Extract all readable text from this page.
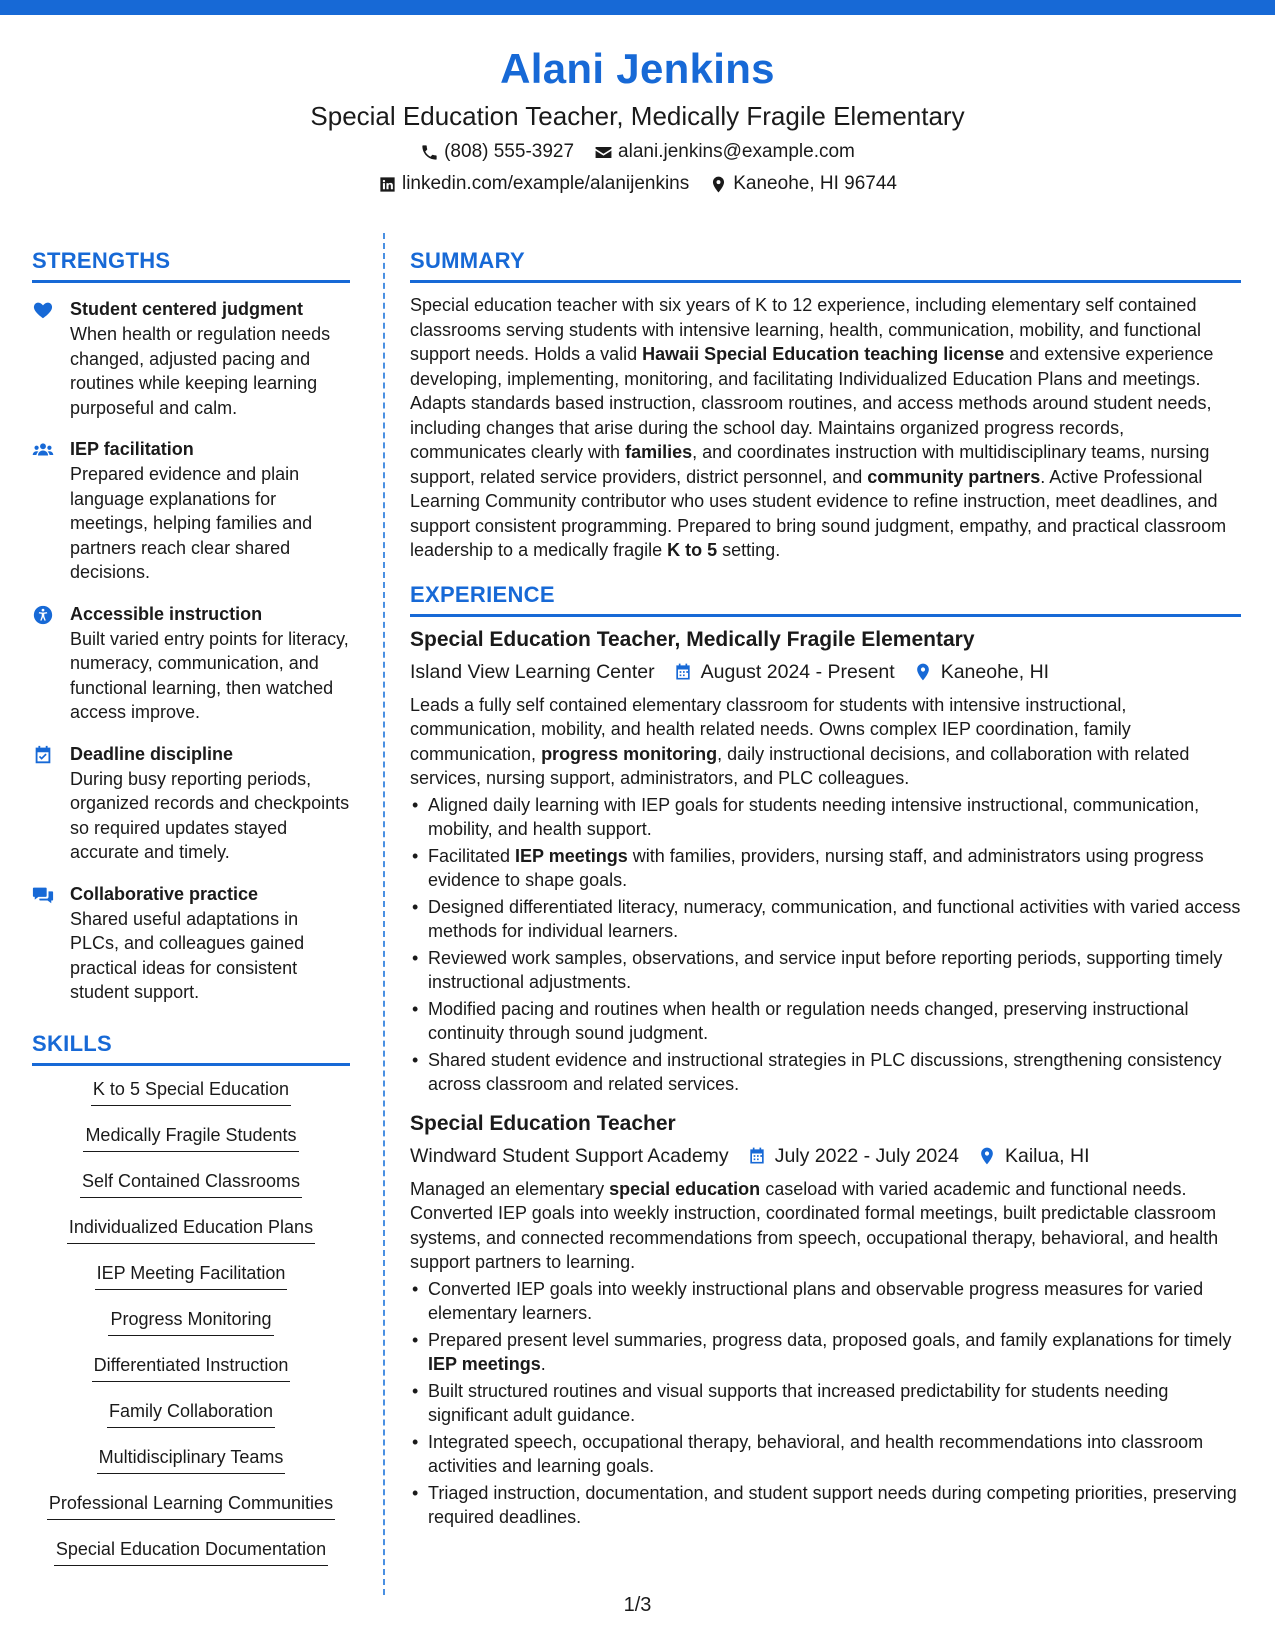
Alani Jenkins
Special Education Teacher, Medically Fragile Elementary
(808) 555-3927 alani.jenkins@example.com
linkedin.com/example/alanijenkins Kaneohe, HI 96744
STRENGTHS
Student centered judgment
When health or regulation needs changed, adjusted pacing and routines while keeping learning purposeful and calm.
IEP facilitation
Prepared evidence and plain language explanations for meetings, helping families and partners reach clear shared decisions.
Accessible instruction
Built varied entry points for literacy, numeracy, communication, and functional learning, then watched access improve.
Deadline discipline
During busy reporting periods, organized records and checkpoints so required updates stayed accurate and timely.
Collaborative practice
Shared useful adaptations in PLCs, and colleagues gained practical ideas for consistent student support.
SKILLS
K to 5 Special Education
Medically Fragile Students
Self Contained Classrooms
Individualized Education Plans
IEP Meeting Facilitation
Progress Monitoring
Differentiated Instruction
Family Collaboration
Multidisciplinary Teams
Professional Learning Communities
Special Education Documentation
SUMMARY
Special education teacher with six years of K to 12 experience, including elementary self contained classrooms serving students with intensive learning, health, communication, mobility, and functional support needs. Holds a valid Hawaii Special Education teaching license and extensive experience developing, implementing, monitoring, and facilitating Individualized Education Plans and meetings. Adapts standards based instruction, classroom routines, and access methods around student needs, including changes that arise during the school day. Maintains organized progress records, communicates clearly with families, and coordinates instruction with multidisciplinary teams, nursing support, related service providers, district personnel, and community partners. Active Professional Learning Community contributor who uses student evidence to refine instruction, meet deadlines, and support consistent programming. Prepared to bring sound judgment, empathy, and practical classroom leadership to a medically fragile K to 5 setting.
EXPERIENCE
Special Education Teacher, Medically Fragile Elementary
Island View Learning Center August 2024 - Present Kaneohe, HI
Leads a fully self contained elementary classroom for students with intensive instructional, communication, mobility, and health related needs. Owns complex IEP coordination, family communication, progress monitoring, daily instructional decisions, and collaboration with related services, nursing support, administrators, and PLC colleagues.
• Aligned daily learning with IEP goals for students needing intensive instructional, communication, mobility, and health support.
• Facilitated IEP meetings with families, providers, nursing staff, and administrators using progress evidence to shape goals.
• Designed differentiated literacy, numeracy, communication, and functional activities with varied access methods for individual learners.
• Reviewed work samples, observations, and service input before reporting periods, supporting timely instructional adjustments.
• Modified pacing and routines when health or regulation needs changed, preserving instructional continuity through sound judgment.
• Shared student evidence and instructional strategies in PLC discussions, strengthening consistency across classroom and related services.
Special Education Teacher
Windward Student Support Academy July 2022 - July 2024 Kailua, HI
Managed an elementary special education caseload with varied academic and functional needs. Converted IEP goals into weekly instruction, coordinated formal meetings, built predictable classroom systems, and connected recommendations from speech, occupational therapy, behavioral, and health support partners to learning.
• Converted IEP goals into weekly instructional plans and observable progress measures for varied elementary learners.
• Prepared present level summaries, progress data, proposed goals, and family explanations for timely IEP meetings.
• Built structured routines and visual supports that increased predictability for students needing significant adult guidance.
• Integrated speech, occupational therapy, behavioral, and health recommendations into classroom activities and learning goals.
• Triaged instruction, documentation, and student support needs during competing priorities, preserving required deadlines.
1/3
